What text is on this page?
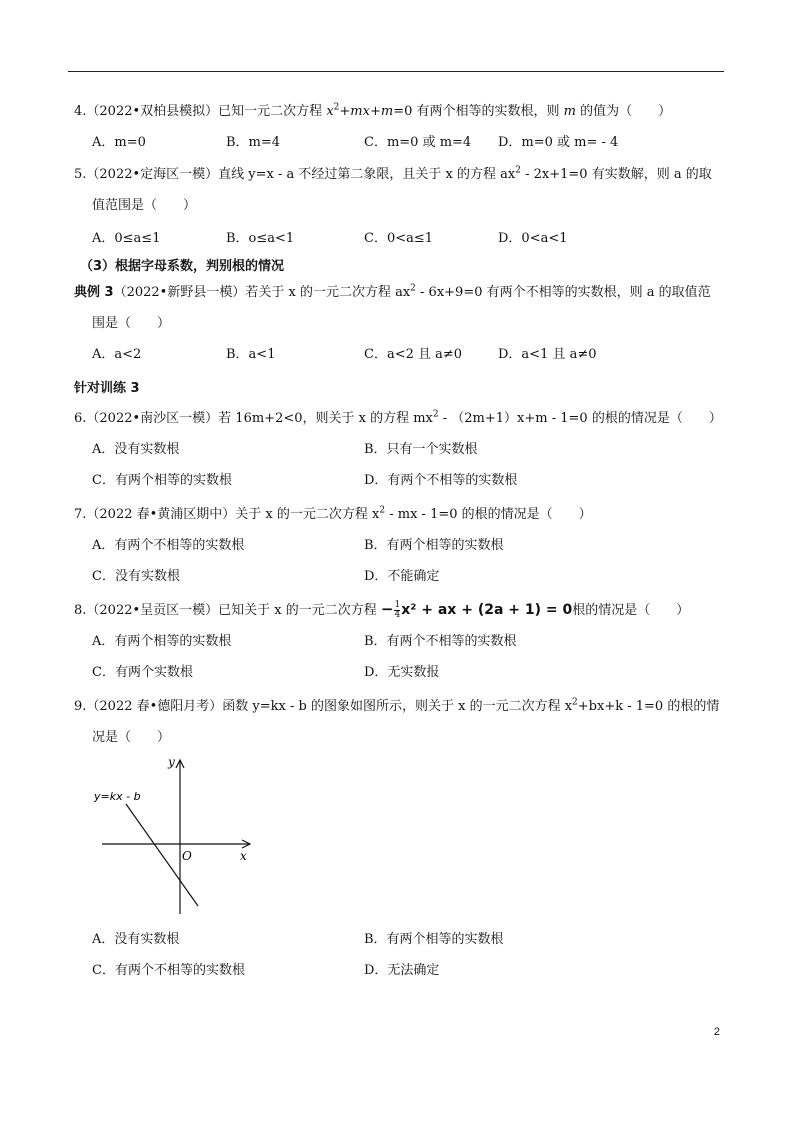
4.（2022•双柏县模拟）已知一元二次方程 $x^2+mx+m=0$ 有两个相等的实数根，则 m 的值为（　　）
A．m=0	B．m=4	C．m=0 或 m=4 D．m=0 或 m= - 4
5.（2022•定海区一模）直线 y=x - a 不经过第二象限，且关于 x 的方程 $ax^2 - 2x+1=0$ 有实数解，则 a 的取
值范围是（　　）
A．0≤a≤1	B．o≤a<1	C．0<a≤1	D．0<a<1
（3）根据字母系数，判别根的情况
典例 3（2022•新野县一模）若关于 x 的一元二次方程 $ax^2 - 6x+9=0$ 有两个不相等的实数根，则 a 的取值范
围是（　　）
A．a<2	B．a<1	C．a<2 且 a≠0	D．a<1 且 a≠0
针对训练 3
6.（2022•南沙区一模）若 16m+2<0，则关于 x 的方程 $mx^2 - (2m+1)x+m - 1=0$ 的根的情况是（　　）
A．没有实数根	B．只有一个实数根
C．有两个相等的实数根	D．有两个不相等的实数根
7.（2022 春•黄浦区期中）关于 x 的一元二次方程 $x^2$ - mx - 1=0 的根的情况是（　　）
A．有两个不相等的实数根	B．有两个相等的实数根
C．没有实数根	D．不能确定
8.（2022•呈贡区一模）已知关于 x 的一元二次方程 − $\frac{1}{4} x^2$ + ax + (2a + 1) = 0根的情况是（　　）
A．有两个相等的实数根	B．有两个不相等的实数根
C．有两个实数根	D．无实数报
9.（2022 春•德阳月考）函数 y=kx - b 的图象如图所示，则关于 x 的一元二次方程 $x^2+bx+k - 1=0$ 的根的情
况是（　　）
y=kx - b
x
y
O
A．没有实数根	B．有两个相等的实数根
C．有两个不相等的实数根	D．无法确定
2
